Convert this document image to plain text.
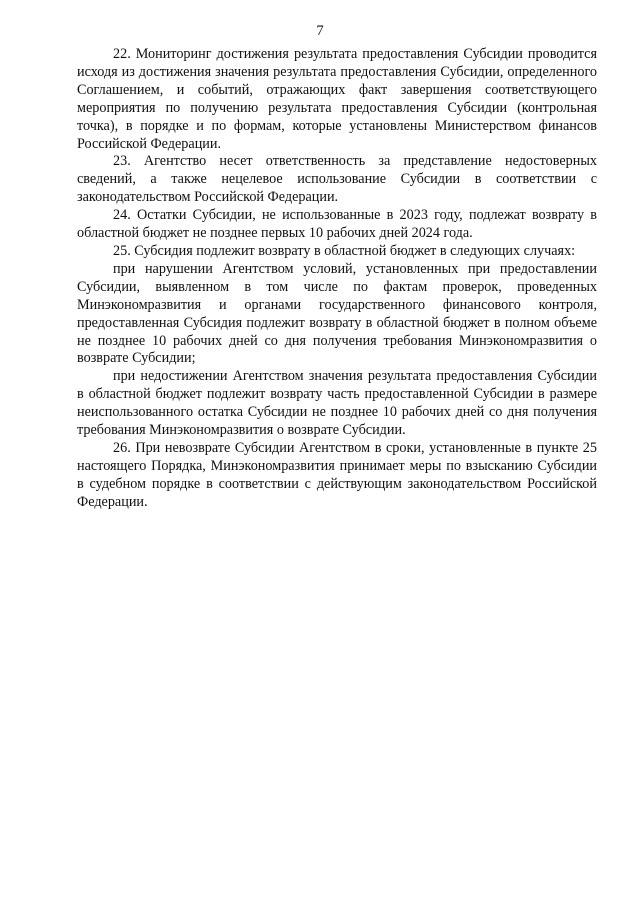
7

22. Мониторинг достижения результата предоставления Субсидии проводится исходя из достижения значения результата предоставления Субсидии, определенного Соглашением, и событий, отражающих факт завершения соответствующего мероприятия по получению результата предоставления Субсидии (контрольная точка), в порядке и по формам, которые установлены Министерством финансов Российской Федерации.

23. Агентство несет ответственность за представление недостоверных сведений, а также нецелевое использование Субсидии в соответствии с законодательством Российской Федерации.

24. Остатки Субсидии, не использованные в 2023 году, подлежат возврату в областной бюджет не позднее первых 10 рабочих дней 2024 года.

25. Субсидия подлежит возврату в областной бюджет в следующих случаях:

при нарушении Агентством условий, установленных при предоставлении Субсидии, выявленном в том числе по фактам проверок, проведенных Минэкономразвития и органами государственного финансового контроля, предоставленная Субсидия подлежит возврату в областной бюджет в полном объеме не позднее 10 рабочих дней со дня получения требования Минэкономразвития о возврате Субсидии;

при недостижении Агентством значения результата предоставления Субсидии в областной бюджет подлежит возврату часть предоставленной Субсидии в размере неиспользованного остатка Субсидии не позднее 10 рабочих дней со дня получения требования Минэкономразвития о возврате Субсидии.

26. При невозврате Субсидии Агентством в сроки, установленные в пункте 25 настоящего Порядка, Минэкономразвития принимает меры по взысканию Субсидии в судебном порядке в соответствии с действующим законодательством Российской Федерации.
